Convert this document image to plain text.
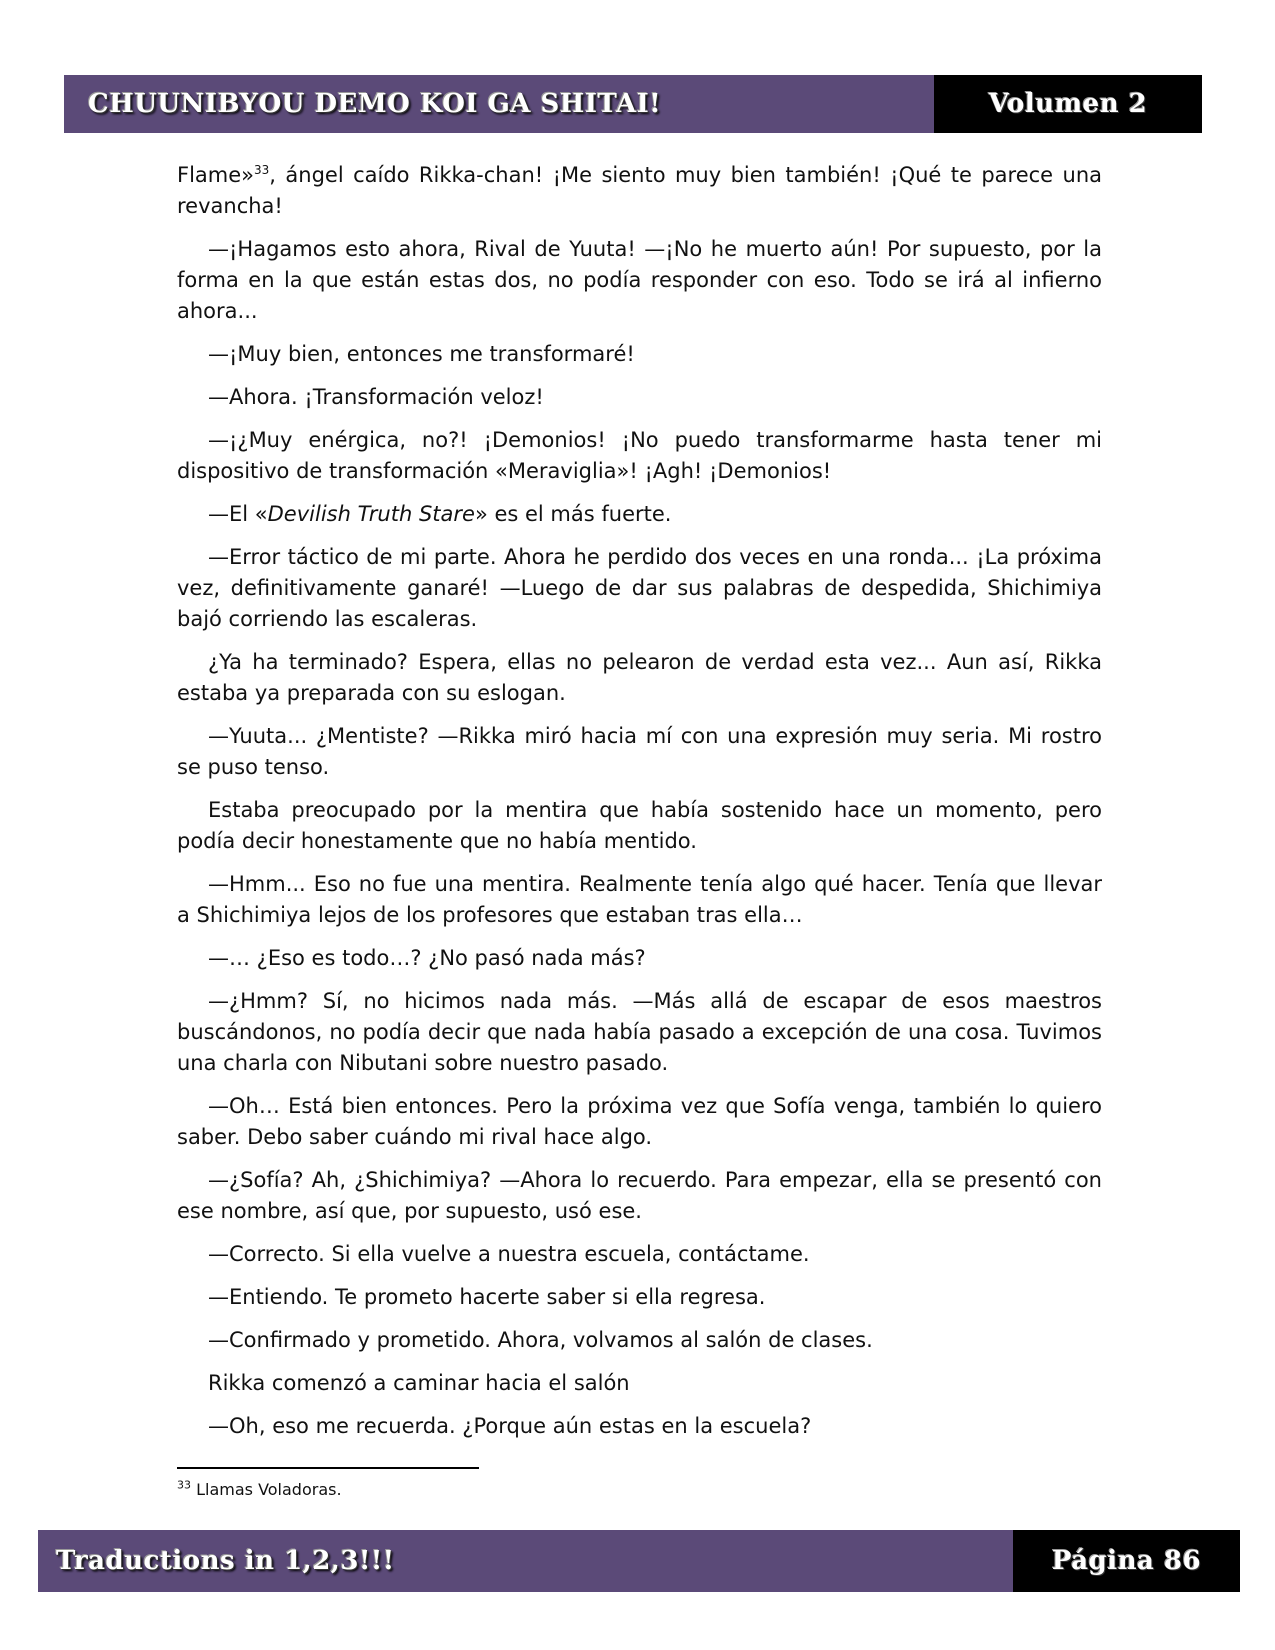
CHUUNIBYOU DEMO KOI GA SHITAI!	Volumen 2

Flame»$^{33}$, ángel caído Rikka-chan! ¡Me siento muy bien también! ¡Qué te parece una revancha!

—¡Hagamos esto ahora, Rival de Yuuta! —¡No he muerto aún! Por supuesto, por la forma en la que están estas dos, no podía responder con eso. Todo se irá al infierno ahora...

—¡Muy bien, entonces me transformaré!

—Ahora. ¡Transformación veloz!

—¡¿Muy enérgica, no?! ¡Demonios! ¡No puedo transformarme hasta tener mi dispositivo de transformación «Meraviglia»! ¡Agh! ¡Demonios!

—El «Devilish Truth Stare» es el más fuerte.

—Error táctico de mi parte. Ahora he perdido dos veces en una ronda... ¡La próxima vez, definitivamente ganaré! —Luego de dar sus palabras de despedida, Shichimiya bajó corriendo las escaleras.

¿Ya ha terminado? Espera, ellas no pelearon de verdad esta vez... Aun así, Rikka estaba ya preparada con su eslogan.

—Yuuta... ¿Mentiste? —Rikka miró hacia mí con una expresión muy seria. Mi rostro se puso tenso.

Estaba preocupado por la mentira que había sostenido hace un momento, pero podía decir honestamente que no había mentido.

—Hmm... Eso no fue una mentira. Realmente tenía algo qué hacer. Tenía que llevar a Shichimiya lejos de los profesores que estaban tras ella…

—… ¿Eso es todo…? ¿No pasó nada más?

—¿Hmm? Sí, no hicimos nada más. —Más allá de escapar de esos maestros buscándonos, no podía decir que nada había pasado a excepción de una cosa. Tuvimos una charla con Nibutani sobre nuestro pasado.

—Oh… Está bien entonces. Pero la próxima vez que Sofía venga, también lo quiero saber. Debo saber cuándo mi rival hace algo.

—¿Sofía? Ah, ¿Shichimiya? —Ahora lo recuerdo. Para empezar, ella se presentó con ese nombre, así que, por supuesto, usó ese.

—Correcto. Si ella vuelve a nuestra escuela, contáctame.

—Entiendo. Te prometo hacerte saber si ella regresa.

—Confirmado y prometido. Ahora, volvamos al salón de clases.

Rikka comenzó a caminar hacia el salón

—Oh, eso me recuerda. ¿Porque aún estas en la escuela?

$^{33}$ Llamas Voladoras.
Traductions in 1,2,3!!!	Página 86
